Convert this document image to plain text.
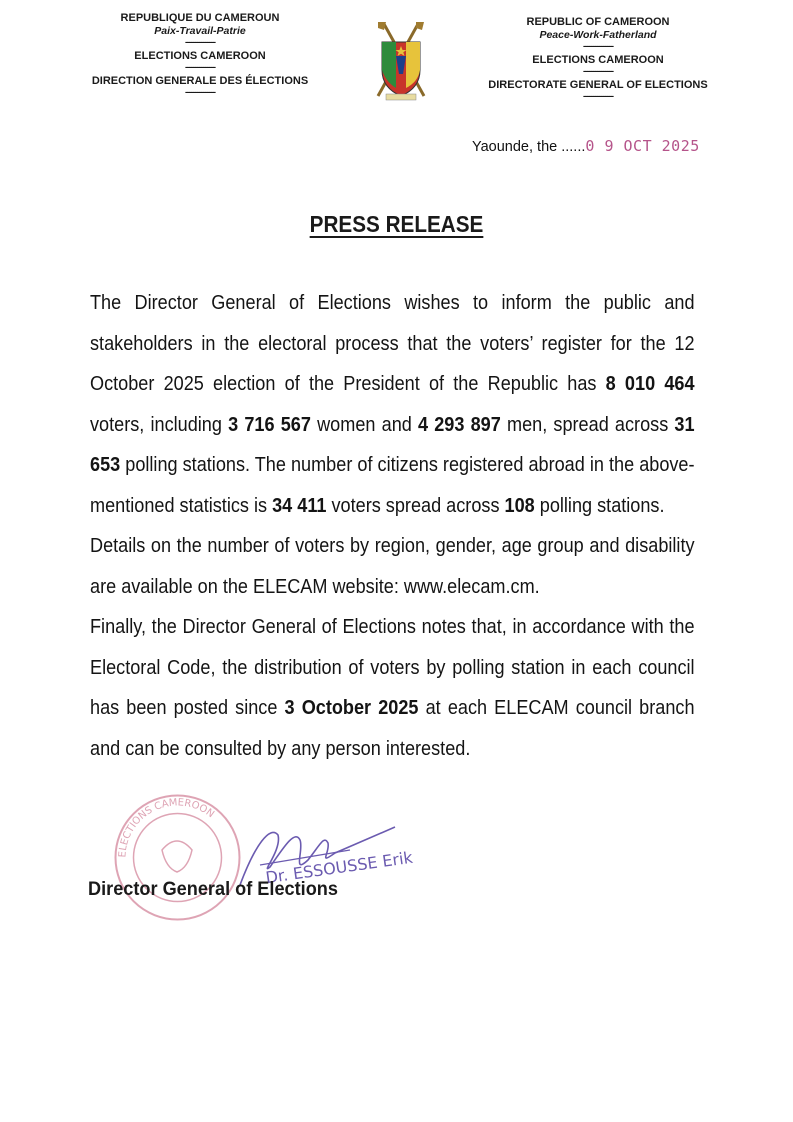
REPUBLIQUE DU CAMEROUN
Paix-Travail-Patrie
---------------
ELECTIONS CAMEROON
---------------
DIRECTION GENERALE DES ÉLECTIONS
---------------
REPUBLIC OF CAMEROON
Peace-Work-Fatherland
---------------
ELECTIONS CAMEROON
---------------
DIRECTORATE GENERAL OF ELECTIONS
---------------
Yaounde, the ......0 9 OCT 2025
PRESS RELEASE

The Director General of Elections wishes to inform the public and stakeholders in the electoral process that the voters’ register for the 12 October 2025 election of the President of the Republic has 8 010 464 voters, including 3 716 567 women and 4 293 897 men, spread across 31 653 polling stations. The number of citizens registered abroad in the above-mentioned statistics is 34 411 voters spread across 108 polling stations.

Details on the number of voters by region, gender, age group and disability are available on the ELECAM website: www.elecam.cm.

Finally, the Director General of Elections notes that, in accordance with the Electoral Code, the distribution of voters by polling station in each council has been posted since 3 October 2025 at each ELECAM council branch and can be consulted by any person interested.

ELECTIONS CAMEROON
Dr. ESSOUSSE Erik
Director General of Elections
